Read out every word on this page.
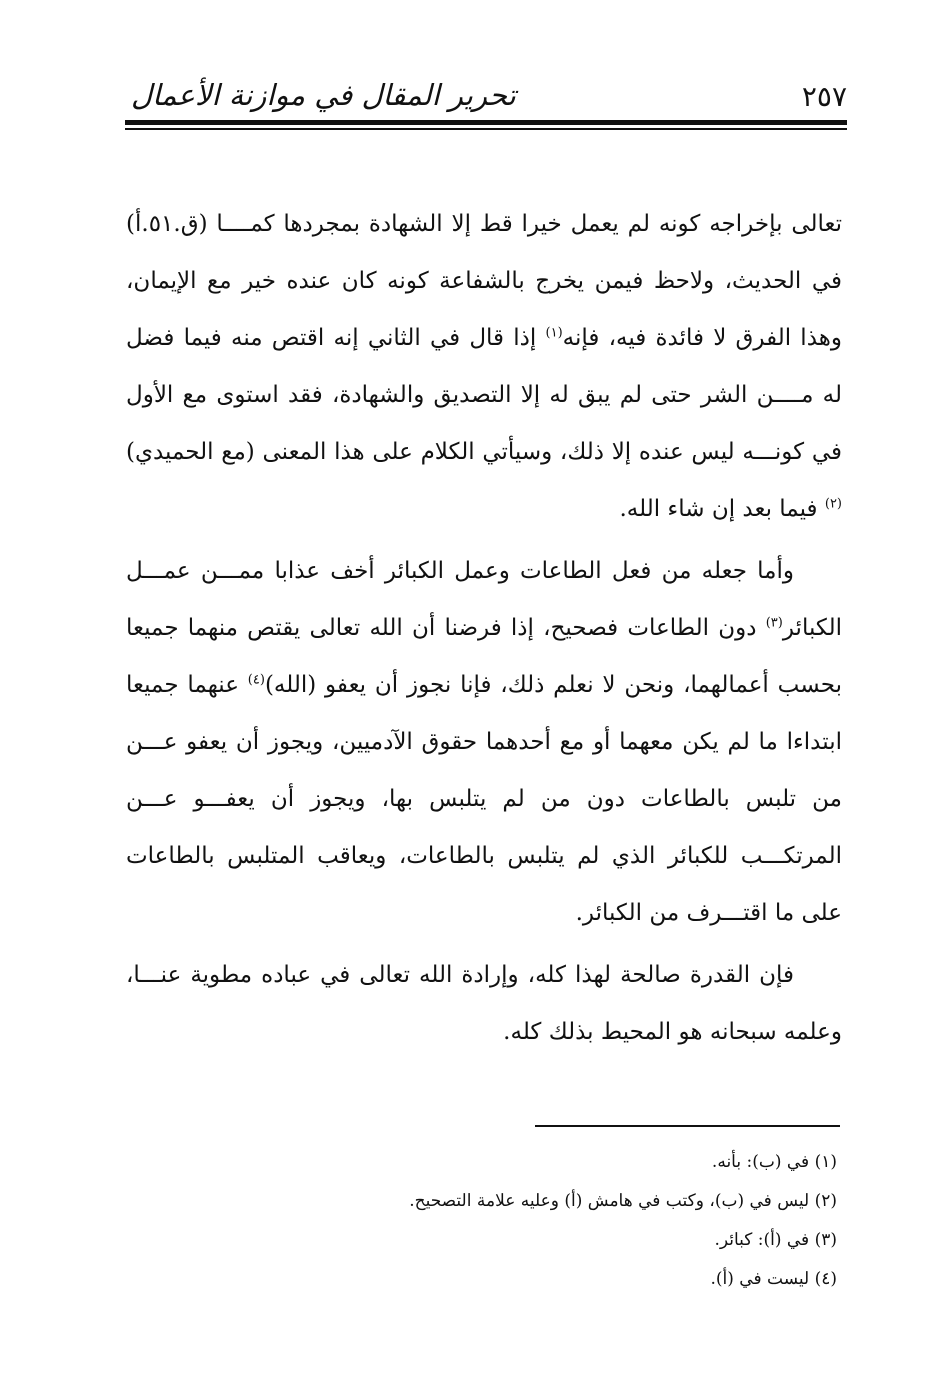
٢٥٧
تحرير المقال في موازنة الأعمال

تعالى بإخراجه كونه لم يعمل خيرا قط إلا الشهادة بمجردها كمــــا (ق.٥١.أ) في الحديث، ولاحظ فيمن يخرج بالشفاعة كونه كان عنده خير مع الإيمان، وهذا الفرق لا فائدة فيه، فإنه$^{(١)}$ إذا قال في الثاني إنه اقتص منه فيما فضل له مــــن الشر حتى لم يبق له إلا التصديق والشهادة، فقد استوى مع الأول في كونـــه ليس عنده إلا ذلك، وسيأتي الكلام على هذا المعنى (مع الحميدي)$^{(٢)}$ فيما بعد إن شاء الله.

وأما جعله من فعل الطاعات وعمل الكبائر أخف عذابا ممـــن عمـــل الكبائر$^{(٣)}$ دون الطاعات فصحيح، إذا فرضنا أن الله تعالى يقتص منهما جميعا بحسب أعمالهما، ونحن لا نعلم ذلك، فإنا نجوز أن يعفو (الله)$^{(٤)}$ عنهما جميعا ابتداءا ما لم يكن معهما أو مع أحدهما حقوق الآدميين، ويجوز أن يعفو عـــن من تلبس بالطاعات دون من لم يتلبس بها، ويجوز أن يعفـــو عـــن المرتكـــب للكبائر الذي لم يتلبس بالطاعات، ويعاقب المتلبس بالطاعات على ما اقتـــرف من الكبائر.

فإن القدرة صالحة لهذا كله، وإرادة الله تعالى في عباده مطوية عنـــا، وعلمه سبحانه هو المحيط بذلك كله.

(١) في (ب): بأنه.
(٢) ليس في (ب)، وكتب في هامش (أ) وعليه علامة التصحيح.
(٣) في (أ): كبائر.
(٤) ليست في (أ).
